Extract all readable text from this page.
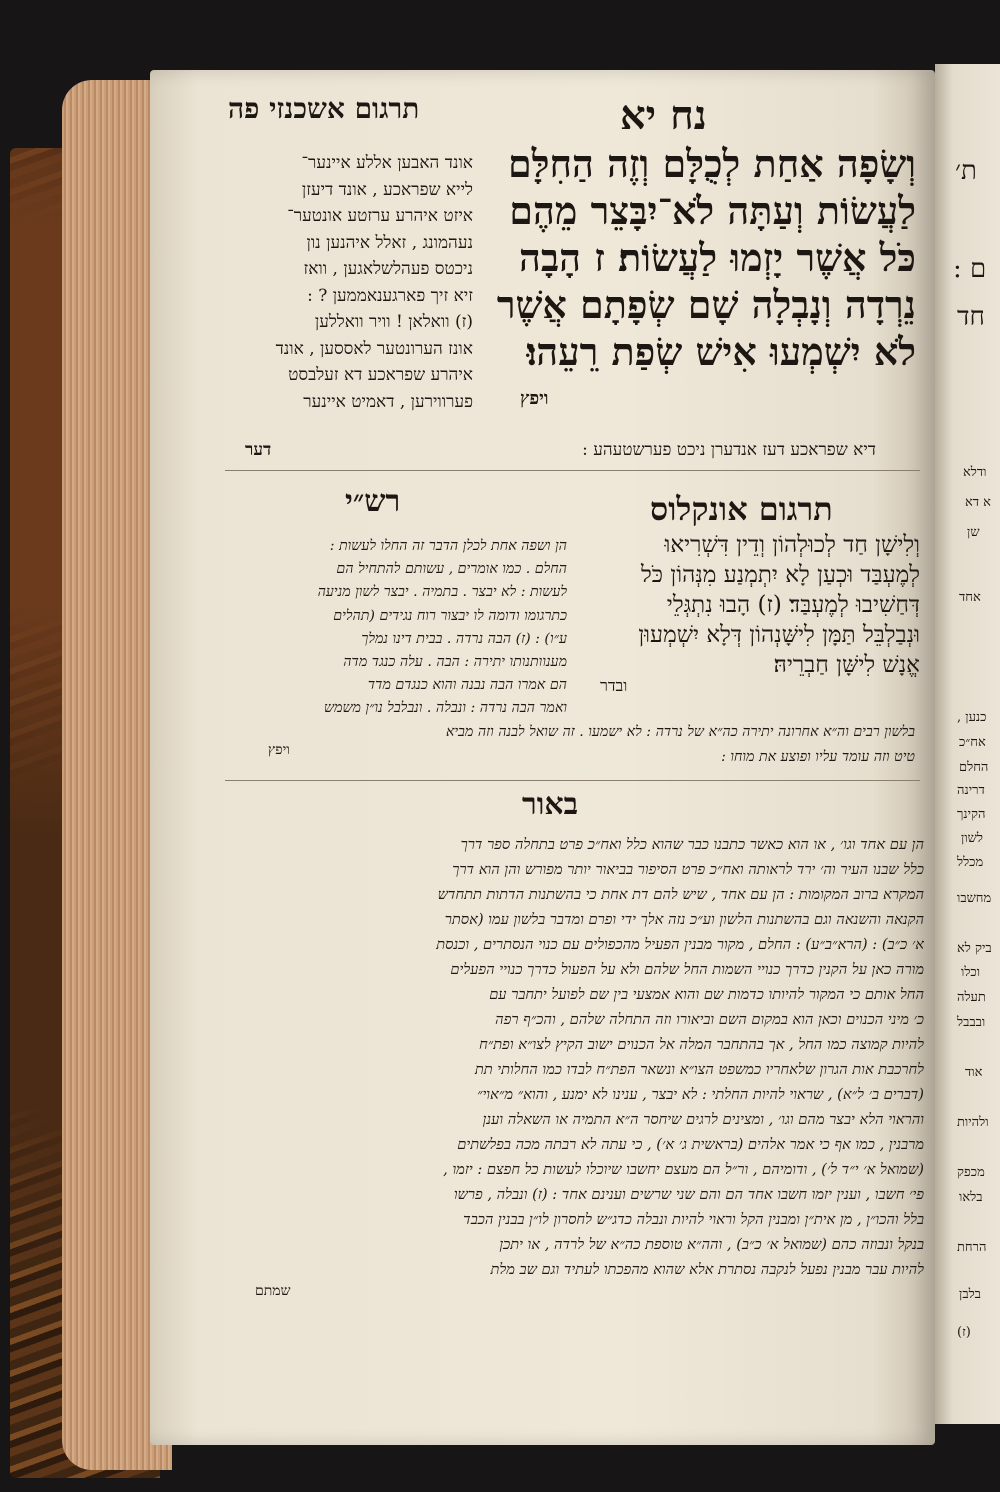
ת׳
ם :
חד
ודלא
א דא
שן
אחד
כנען ,
אח״כ
החלם
דרינה
הקינך
לשון
מכלל
מחשבו
ביק לא
וכלו
תעלה
ובבבל
אוד
ולהיות
מכפק
בלאו
הרחת
בלבן
(ז)
נח יא
תרגום אשכנזי פה
וְשָׂפָה אַחַת לְכֻלָּם וְזֶה הַחִלָּם
לַעֲשׂוֹת וְעַתָּה לֹא־יִבָּצֵר מֵהֶם
כֹּל אֲשֶׁר יָזְמוּ לַעֲשׂוֹת׃ ז הָבָה
נֵרְדָה וְנָבְלָה שָׁם שְׂפָתָם אֲשֶׁר
לֹא יִשְׁמְעוּ אִישׁ שְׂפַת רֵעֵהוּ׃
ויפץ
אונד האבען אללע איינער־
לייא שפראכע , אונד דיעזן
איזט איהרע ערזטע אונטער־
נעהמונג , זאלל איהנען נון
ניכטס פעהלשלאגען , וואז
זיא זיך פארגענאממען ? :
(ז) וואלאן ! וויר וואללען
אונז הערונטער לאססען , אונד
איהרע שפראכע דא זעלבסט
פערווירען , דאמיט איינער
דער	דיא שפראכע דעז אנדערן ניכט פערשטעהע :
תרגום אונקלוס
רש״י
וְלִישָׁן חַד לְכוּלְהוֹן וְדֵין דִּשְׁרִיאוּ
לְמֶעְבַּד וּכְעַן לָא יִתְמְנַע מִנְּהוֹן כֹּל
דְּחַשִׁיבוּ לְמֶעְבַּד׃ (ז) הָבוּ נִתְגְּלֵי
וּנְבַלְבֵּל תַּמָּן לִישָּׁנְהוֹן דְּלָא יִשְׁמְעוּן
אֱנָשׁ לִישָּׁן חַבְרֵיהּ׃
ובדר
הן ושפה אחת לכלן הדבר זה החלו לעשות :
החלם . כמו אומרים , עשותם להתחיל הם
לעשות : לא יבצר . בתמיה . יבצר לשון מניעה
כתרגומו ודומה לו יבצור רוח נגידים (תהלים
ע״ו) : (ז) הבה נרדה . בבית דינו נמלך
מענוותנותו יתירה : הבה . עלה כנגד מדה
הם אמרו הבה נבנה והוא כנגדם מדד
ואמר הבה נרדה : ונבלה . ונבלבל נו״ן משמש
בלשון רבים וה״א אחרונה יתירה כה״א של נרדה : לא ישמעו . זה שואל לבנה וזה מביא
טיט וזה עומד עליו ופוצע את מוחו :
ויפץ
באור
הן עם אחד וגו׳ , או הוא כאשר כתבנו כבר שהוא כלל ואח״כ פרט בתחלה ספר דרך
כלל שבנו העיר וה׳ ירד לראותה ואח״כ פרט הסיפור בביאור יותר מפורש והן הוא דרך
המקרא ברוב המקומות : הן עם אחד , שיש להם דת אחת כי בהשתנות הדתות תתחדש
הקנאה והשנאה וגם בהשתנות הלשון וע״כ נזה אלך ידי ופרם ומדבר בלשון עמו (אסתר
א׳ כ״ב) : (הרא״ב״ע) : החלם , מקור מבנין הפעיל מהכפולים עם כנוי הנסתרים , וכנסת
מורה כאן על הקנין כדרך כנויי השמות החל שלהם ולא על הפעול כדרך כנויי הפעלים
החל אותם כי המקור להיותו כדמות שם והוא אמצעי בין שם לפועל יתחבר עם
כ׳ מיני הכנוים וכאן הוא במקום השם וביאורו וזה התחלה שלהם , והכ״ף רפה
להיות קמוצה כמו החל , אך בהתחבר המלה אל הכנוים ישוב הקיץ לצו״א ופת״ח
לחרכבת אות הגרון שלאחריו כמשפט הצו״א ונשאר הפת״ח לבדו כמו החלותי תת
(דברים ב׳ ל״א) , שראוי להיות החלתי : לא יבצר , ענינו לא ימנע , והוא״ מ״אוי״
והראוי הלא יבצר מהם וגו׳ , ומצינים לרגים שיחסר ה״א התמיה או השאלה וענן
מרבנין , כמו אף כי אמר אלהים (בראשית ג׳ א׳) , כי עתה לא רבתה מכה בפלשתים
(שמואל א׳ י״ד ל׳) , ודומיהם , ור״ל הם מעצם יחשבו שיוכלו לעשות כל חפצם : יזמו ,
פי׳ חשבו , וענין יזמו חשבו אחד הם והם שני שרשים וענינם אחד : (ז) ונבלה , פרשו
בלל והכו״ן , מן אית״ן ומבנין הקל וראוי להיות ונבלה כדג״ש לחסרון לו״ן בבנין הכבד
בנקל ונבוזה כהם (שמואל א׳ כ״ב) , והה״א טוספת כה״א של לרדה , או יתכן
להיות עבר מבנין נפעל לנקבה נסתרת אלא שהוא מהפכתו לעתיד וגם שב מלת
שמתם
